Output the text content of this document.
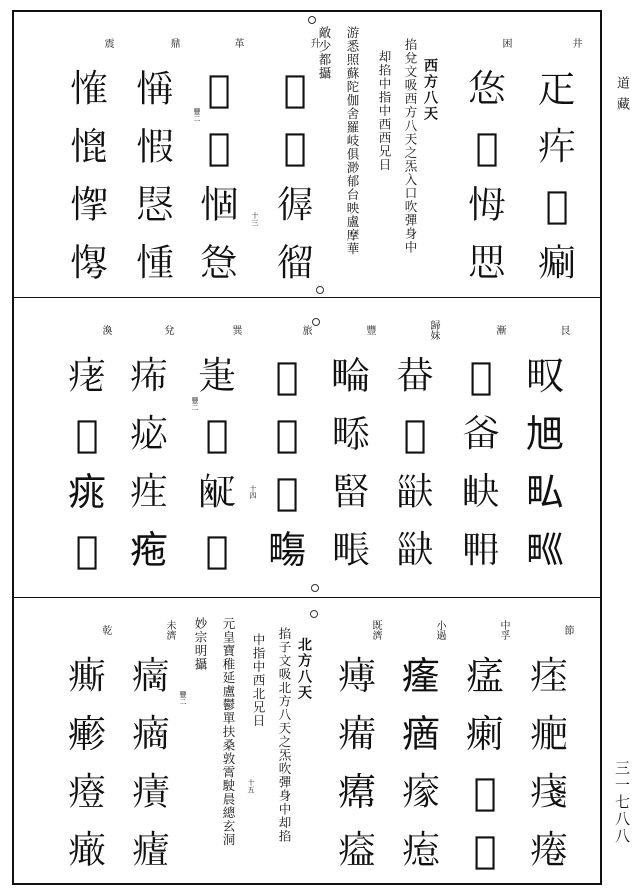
井
𤴓
𤵍
𤶑
𤷯
困
𢘂
𢗻
𢘃
𢘁
升
𢕄
𢕈
𢕌
𢕍
革
𢚵
𢛀
𢛅
𢛃
豐二
鼎
𢜻
𢝄
𢝅
𢝆
十三
震
𢞕
𢞗
𢞙
𢞛
西方八天
掐兌文吸西方八天之炁入口吹彈身中
却掐中指中西西兄日
游悉照蘇陀伽舍羅岐俱渺郁台映盧摩華
敵少都攝
艮
𤰖
𤰙
𤰜
𤰝
漸
𤱂
𤱇
𤱉
𤱋
歸妹
𤱺
𤱻
𤱽
𤱾
豐
𤲕
𤲖
𤲗
𤲘
旅
𤳄
𤳆
𤳇
𤳈
巽
𤴗
𤴘
𤴙
𤴚
豐二
兌
𤵗
𤵘
𤵙
𤵚
十四
渙
𤶁
𤶂
𤶃
𤶄
節
𤷁
𤷂
𤷃
𤷄
中孚
𤷪
𤷫
𤷬
𤷭
小過
𤸇
𤸈
𤸉
𤸊
既濟
𤸵
𤸶
𤸷
𤸸
未濟
𤹞
𤹟
𤹠
𤹡
十五
乾
𤺊
𤺋
𤺌
𤺍
北方八天
掐子文吸北方八天之炁吹彈身中却掐
中指中西北兄日
元皇寶稚延盧鬱單扶桑敦霄駛晨總玄洞
妙宗明攝
豐二
道藏
三一七八八
